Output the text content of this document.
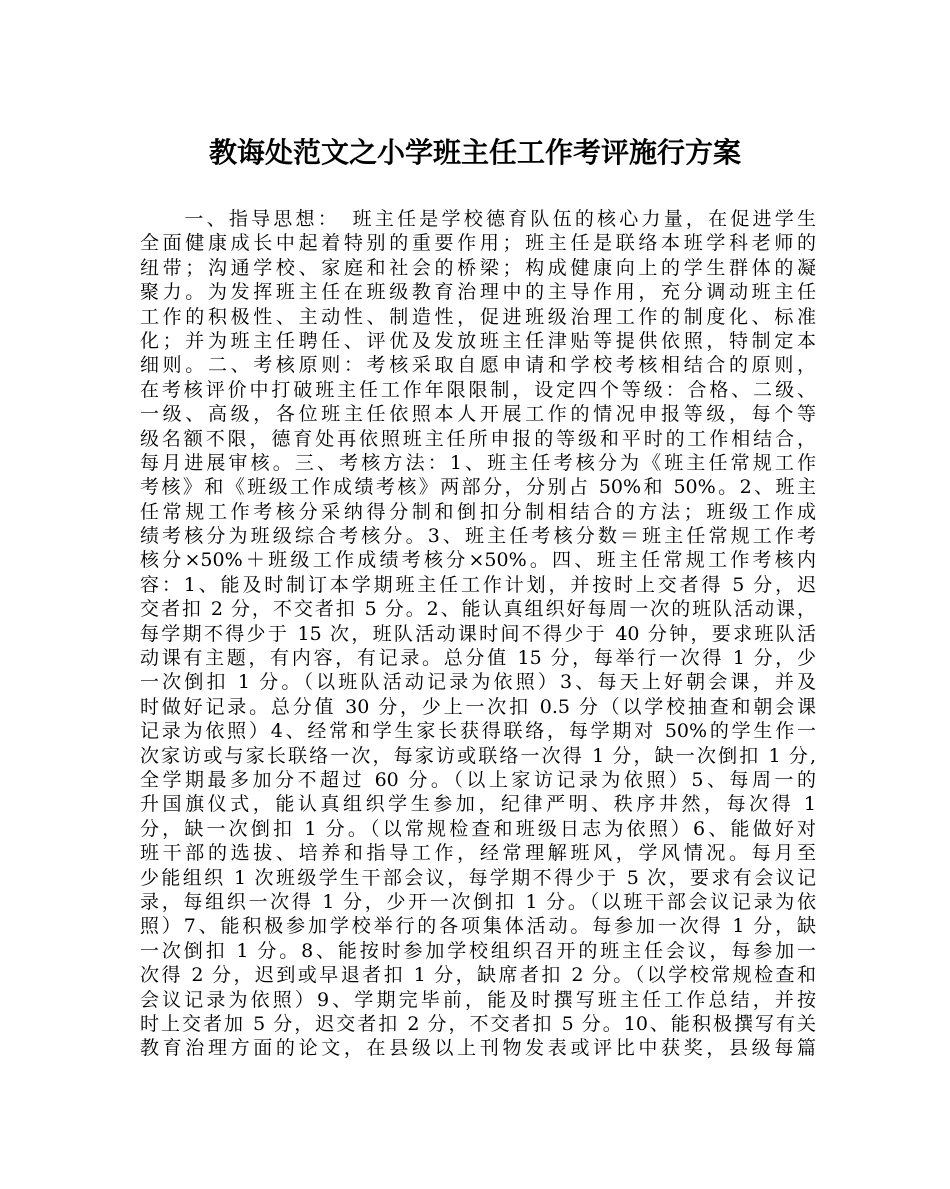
教诲处范文之小学班主任工作考评施行方案
　　一、指导思想：　班主任是学校德育队伍的核心力量，在促进学生
全面健康成长中起着特别的重要作用；班主任是联络本班学科老师的
纽带；沟通学校、家庭和社会的桥梁；构成健康向上的学生群体的凝
聚力。为发挥班主任在班级教育治理中的主导作用，充分调动班主任
工作的积极性、主动性、制造性，促进班级治理工作的制度化、标准
化；并为班主任聘任、评优及发放班主任津贴等提供依照，特制定本
细则。二、考核原则：考核采取自愿申请和学校考核相结合的原则，
在考核评价中打破班主任工作年限限制，设定四个等级：合格、二级、
一级、高级，各位班主任依照本人开展工作的情况申报等级，每个等
级名额不限，德育处再依照班主任所申报的等级和平时的工作相结合，
每月进展审核。三、考核方法：1、班主任考核分为《班主任常规工作
考核》和《班级工作成绩考核》两部分，分别占 50%和 50%。2、班主
任常规工作考核分采纳得分制和倒扣分制相结合的方法；班级工作成
绩考核分为班级综合考核分。3、班主任考核分数＝班主任常规工作考
核分×50%＋班级工作成绩考核分×50%。四、班主任常规工作考核内
容：1、能及时制订本学期班主任工作计划，并按时上交者得 5 分，迟
交者扣 2 分，不交者扣 5 分。2、能认真组织好每周一次的班队活动课，
每学期不得少于 15 次，班队活动课时间不得少于 40 分钟，要求班队活
动课有主题，有内容，有记录。总分值 15 分，每举行一次得 1 分，少
一次倒扣 1 分。（以班队活动记录为依照）3、每天上好朝会课，并及
时做好记录。总分值 30 分，少上一次扣 0.5 分（以学校抽查和朝会课
记录为依照）4、经常和学生家长获得联络，每学期对 50%的学生作一
次家访或与家长联络一次，每家访或联络一次得 1 分，缺一次倒扣 1 分,
全学期最多加分不超过 60 分。（以上家访记录为依照）5、每周一的
升国旗仪式，能认真组织学生参加，纪律严明、秩序井然，每次得 1
分，缺一次倒扣 1 分。（以常规检查和班级日志为依照）6、能做好对
班干部的选拔、培养和指导工作，经常理解班风，学风情况。每月至
少能组织 1 次班级学生干部会议，每学期不得少于 5 次，要求有会议记
录，每组织一次得 1 分，少开一次倒扣 1 分。（以班干部会议记录为依
照）7、能积极参加学校举行的各项集体活动。每参加一次得 1 分，缺
一次倒扣 1 分。8、能按时参加学校组织召开的班主任会议，每参加一
次得 2 分，迟到或早退者扣 1 分，缺席者扣 2 分。（以学校常规检查和
会议记录为依照）9、学期完毕前，能及时撰写班主任工作总结，并按
时上交者加 5 分，迟交者扣 2 分，不交者扣 5 分。10、能积极撰写有关
教育治理方面的论文，在县级以上刊物发表或评比中获奖，县级每篇
